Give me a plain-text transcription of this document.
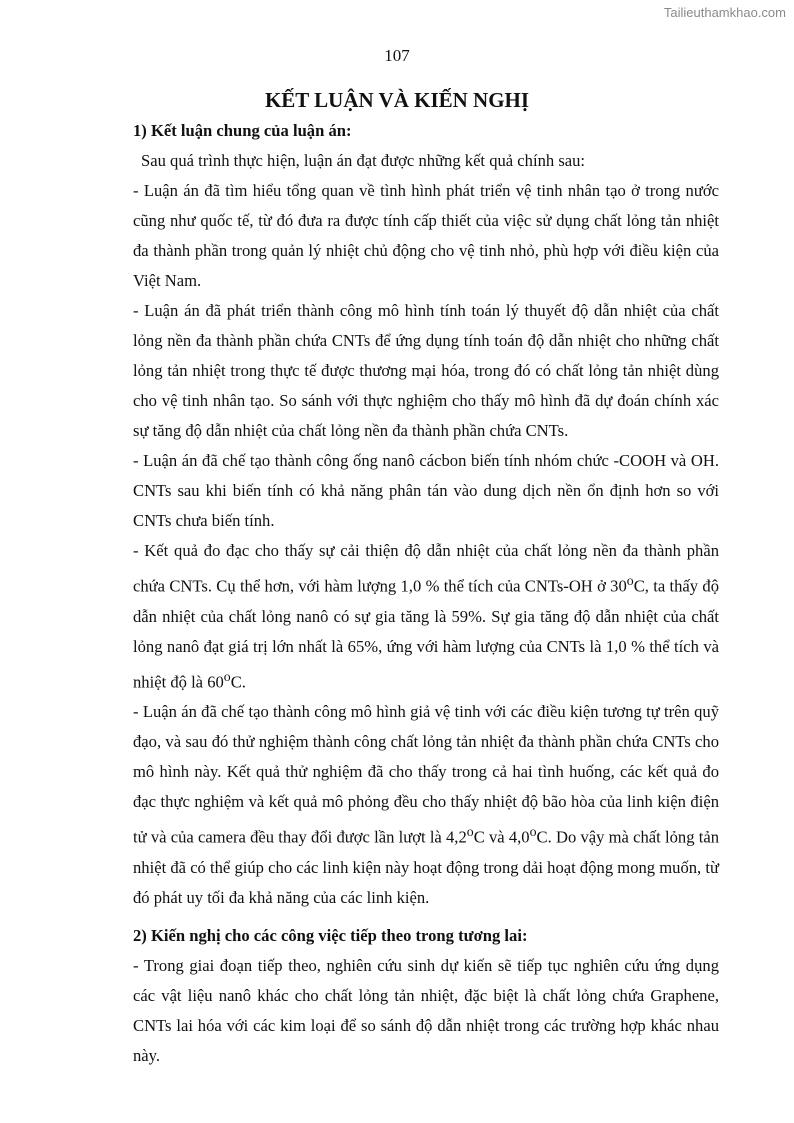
Tailieuthamkhao.com
107
KẾT LUẬN VÀ KIẾN NGHỊ

1) Kết luận chung của luận án:

Sau quá trình thực hiện, luận án đạt được những kết quả chính sau:

- Luận án đã tìm hiểu tổng quan về tình hình phát triển vệ tinh nhân tạo ở trong nước cũng như quốc tế, từ đó đưa ra được tính cấp thiết của việc sử dụng chất lỏng tản nhiệt đa thành phần trong quản lý nhiệt chủ động cho vệ tinh nhỏ, phù hợp với điều kiện của Việt Nam.

- Luận án đã phát triển thành công mô hình tính toán lý thuyết độ dẫn nhiệt của chất lỏng nền đa thành phần chứa CNTs để ứng dụng tính toán độ dẫn nhiệt cho những chất lỏng tản nhiệt trong thực tế được thương mại hóa, trong đó có chất lỏng tản nhiệt dùng cho vệ tinh nhân tạo. So sánh với thực nghiệm cho thấy mô hình đã dự đoán chính xác sự tăng độ dẫn nhiệt của chất lỏng nền đa thành phần chứa CNTs.

- Luận án đã chế tạo thành công ống nanô cácbon biến tính nhóm chức -COOH và OH. CNTs sau khi biến tính có khả năng phân tán vào dung dịch nền ổn định hơn so với CNTs chưa biến tính.

- Kết quả đo đạc cho thấy sự cải thiện độ dẫn nhiệt của chất lỏng nền đa thành phần chứa CNTs. Cụ thể hơn, với hàm lượng 1,0 % thể tích của CNTs-OH ở 30$^o$C, ta thấy độ dẫn nhiệt của chất lỏng nanô có sự gia tăng là 59%. Sự gia tăng độ dẫn nhiệt của chất lỏng nanô đạt giá trị lớn nhất là 65%, ứng với hàm lượng của CNTs là 1,0 % thể tích và nhiệt độ là 60$^o$C.

- Luận án đã chế tạo thành công mô hình giả vệ tinh với các điều kiện tương tự trên quỹ đạo, và sau đó thử nghiệm thành công chất lỏng tản nhiệt đa thành phần chứa CNTs cho mô hình này. Kết quả thử nghiệm đã cho thấy trong cả hai tình huống, các kết quả đo đạc thực nghiệm và kết quả mô phỏng đều cho thấy nhiệt độ bão hòa của linh kiện điện tử và của camera đều thay đổi được lần lượt là 4,2$^o$C và 4,0$^o$C. Do vậy mà chất lỏng tản nhiệt đã có thể giúp cho các linh kiện này hoạt động trong dải hoạt động mong muốn, từ đó phát uy tối đa khả năng của các linh kiện.

2) Kiến nghị cho các công việc tiếp theo trong tương lai:

- Trong giai đoạn tiếp theo, nghiên cứu sinh dự kiến sẽ tiếp tục nghiên cứu ứng dụng các vật liệu nanô khác cho chất lỏng tản nhiệt, đặc biệt là chất lỏng chứa Graphene, CNTs lai hóa với các kim loại để so sánh độ dẫn nhiệt trong các trường hợp khác nhau này.
